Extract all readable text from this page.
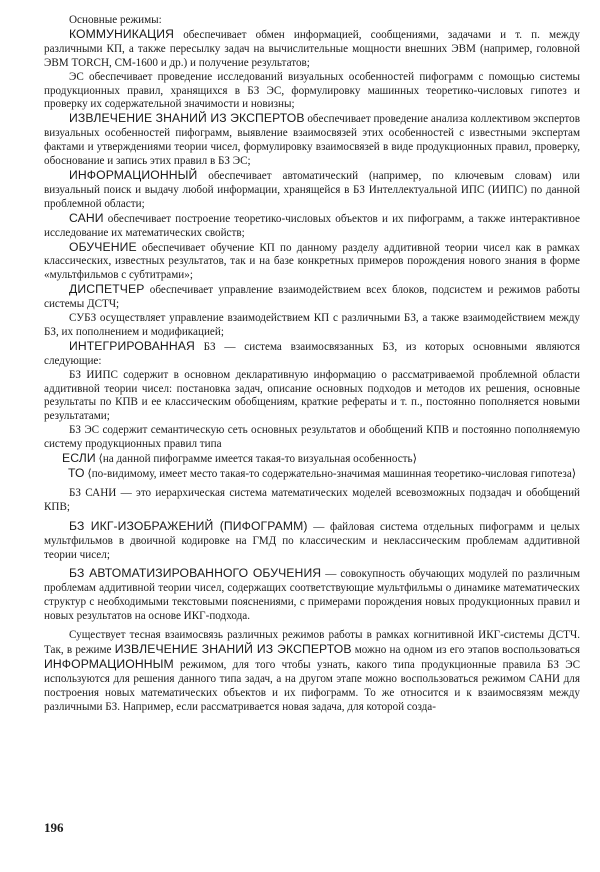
Основные режимы:

КОММУНИКАЦИЯ обеспечивает обмен информацией, сообщениями, задачами и т. п. между различными КП, а также пересылку задач на вычислительные мощности внешних ЭВМ (например, головной ЭВМ TORCH, СМ-1600 и др.) и получение результатов;

ЭС обеспечивает проведение исследований визуальных особенностей пифограмм с помощью системы продукционных правил, хранящихся в БЗ ЭС, формулировку машинных теоретико-числовых гипотез и проверку их содержательной значимости и новизны;

ИЗВЛЕЧЕНИЕ ЗНАНИЙ ИЗ ЭКСПЕРТОВ обеспечивает проведение анализа коллективом экспертов визуальных особенностей пифограмм, выявление взаимосвязей этих особенностей с известными экспертам фактами и утверждениями теории чисел, формулировку взаимосвязей в виде продукционных правил, проверку, обоснование и запись этих правил в БЗ ЭС;

ИНФОРМАЦИОННЫЙ обеспечивает автоматический (например, по ключевым словам) или визуальный поиск и выдачу любой информации, хранящейся в БЗ Интеллектуальной ИПС (ИИПС) по данной проблемной области;

САНИ обеспечивает построение теоретико-числовых объектов и их пифограмм, а также интерактивное исследование их математических свойств;

ОБУЧЕНИЕ обеспечивает обучение КП по данному разделу аддитивной теории чисел как в рамках классических, известных результатов, так и на базе конкретных примеров порождения нового знания в форме «мультфильмов с субтитрами»;

ДИСПЕТЧЕР обеспечивает управление взаимодействием всех блоков, подсистем и режимов работы системы ДСТЧ;

СУБЗ осуществляет управление взаимодействием КП с различными БЗ, а также взаимодействием между БЗ, их пополнением и модификацией;

ИНТЕГРИРОВАННАЯ БЗ — система взаимосвязанных БЗ, из которых основными являются следующие:

БЗ ИИПС содержит в основном декларативную информацию о рассматриваемой проблемной области аддитивной теории чисел: постановка задач, описание основных подходов и методов их решения, основные результаты по КПВ и ее классическим обобщениям, краткие рефераты и т. п., постоянно пополняется новыми результатами;

БЗ ЭС содержит семантическую сеть основных результатов и обобщений КПВ и постоянно пополняемую систему продукционных правил типа

ЕСЛИ ⟨на данной пифограмме имеется такая-то визуальная особенность⟩

ТО ⟨по-видимому, имеет место такая-то содержательно-значимая машинная теоретико-числовая гипотеза⟩

БЗ САНИ — это иерархическая система математических моделей всевозможных подзадач и обобщений КПВ;

БЗ ИКГ-ИЗОБРАЖЕНИЙ (ПИФОГРАММ) — файловая система отдельных пифограмм и целых мультфильмов в двоичной кодировке на ГМД по классическим и неклассическим проблемам аддитивной теории чисел;

БЗ АВТОМАТИЗИРОВАННОГО ОБУЧЕНИЯ — совокупность обучающих модулей по различным проблемам аддитивной теории чисел, содержащих соответствующие мультфильмы о динамике математических структур с необходимыми текстовыми пояснениями, с примерами порождения новых продукционных правил и новых результатов на основе ИКГ-подхода.

Существует тесная взаимосвязь различных режимов работы в рамках когнитивной ИКГ-системы ДСТЧ. Так, в режиме ИЗВЛЕЧЕНИЕ ЗНАНИЙ ИЗ ЭКСПЕРТОВ можно на одном из его этапов воспользоваться ИНФОРМАЦИОННЫМ режимом, для того чтобы узнать, какого типа продукционные правила БЗ ЭС используются для решения данного типа задач, а на другом этапе можно воспользоваться режимом САНИ для построения новых математических объектов и их пифограмм. То же относится и к взаимосвязям между различными БЗ. Например, если рассматривается новая задача, для которой созда-

196
